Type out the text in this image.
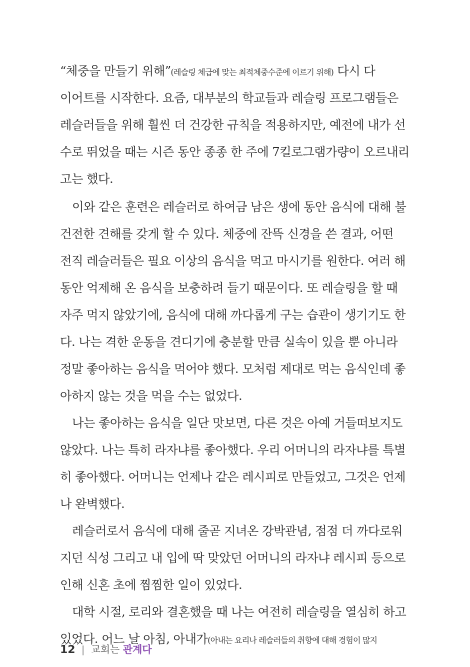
“체중을 만들기 위해”(레슬링 체급에 맞는 최적체중수준에 이르기 위해) 다시 다
이어트를 시작한다. 요즘, 대부분의 학교들과 레슬링 프로그램들은
레슬러들을 위해 훨씬 더 건강한 규칙을 적용하지만, 예전에 내가 선
수로 뛰었을 때는 시즌 동안 종종 한 주에 7킬로그램가량이 오르내리
고는 했다.
이와 같은 훈련은 레슬러로 하여금 남은 생에 동안 음식에 대해 불
건전한 견해를 갖게 할 수 있다. 체중에 잔뜩 신경을 쓴 결과, 어떤
전직 레슬러들은 필요 이상의 음식을 먹고 마시기를 원한다. 여러 해
동안 억제해 온 음식을 보충하려 들기 때문이다. 또 레슬링을 할 때
자주 먹지 않았기에, 음식에 대해 까다롭게 구는 습관이 생기기도 한
다. 나는 격한 운동을 견디기에 충분할 만큼 실속이 있을 뿐 아니라
정말 좋아하는 음식을 먹어야 했다. 모처럼 제대로 먹는 음식인데 좋
아하지 않는 것을 먹을 수는 없었다.
나는 좋아하는 음식을 일단 맛보면, 다른 것은 아예 거들떠보지도
않았다. 나는 특히 라자냐를 좋아했다. 우리 어머니의 라자냐를 특별
히 좋아했다. 어머니는 언제나 같은 레시피로 만들었고, 그것은 언제
나 완벽했다.
레슬러로서 음식에 대해 줄곧 지녀온 강박관념, 점점 더 까다로워
지던 식성 그리고 내 입에 딱 맞았던 어머니의 라자냐 레시피 등으로
인해 신혼 초에 찜찜한 일이 있었다.
대학 시절, 로리와 결혼했을 때 나는 여전히 레슬링을 열심히 하고
있었다. 어느 날 아침, 아내가(아내는 요리나 레슬러들의 취향에 대해 경험이 많지
12 | 교회는 관계다
